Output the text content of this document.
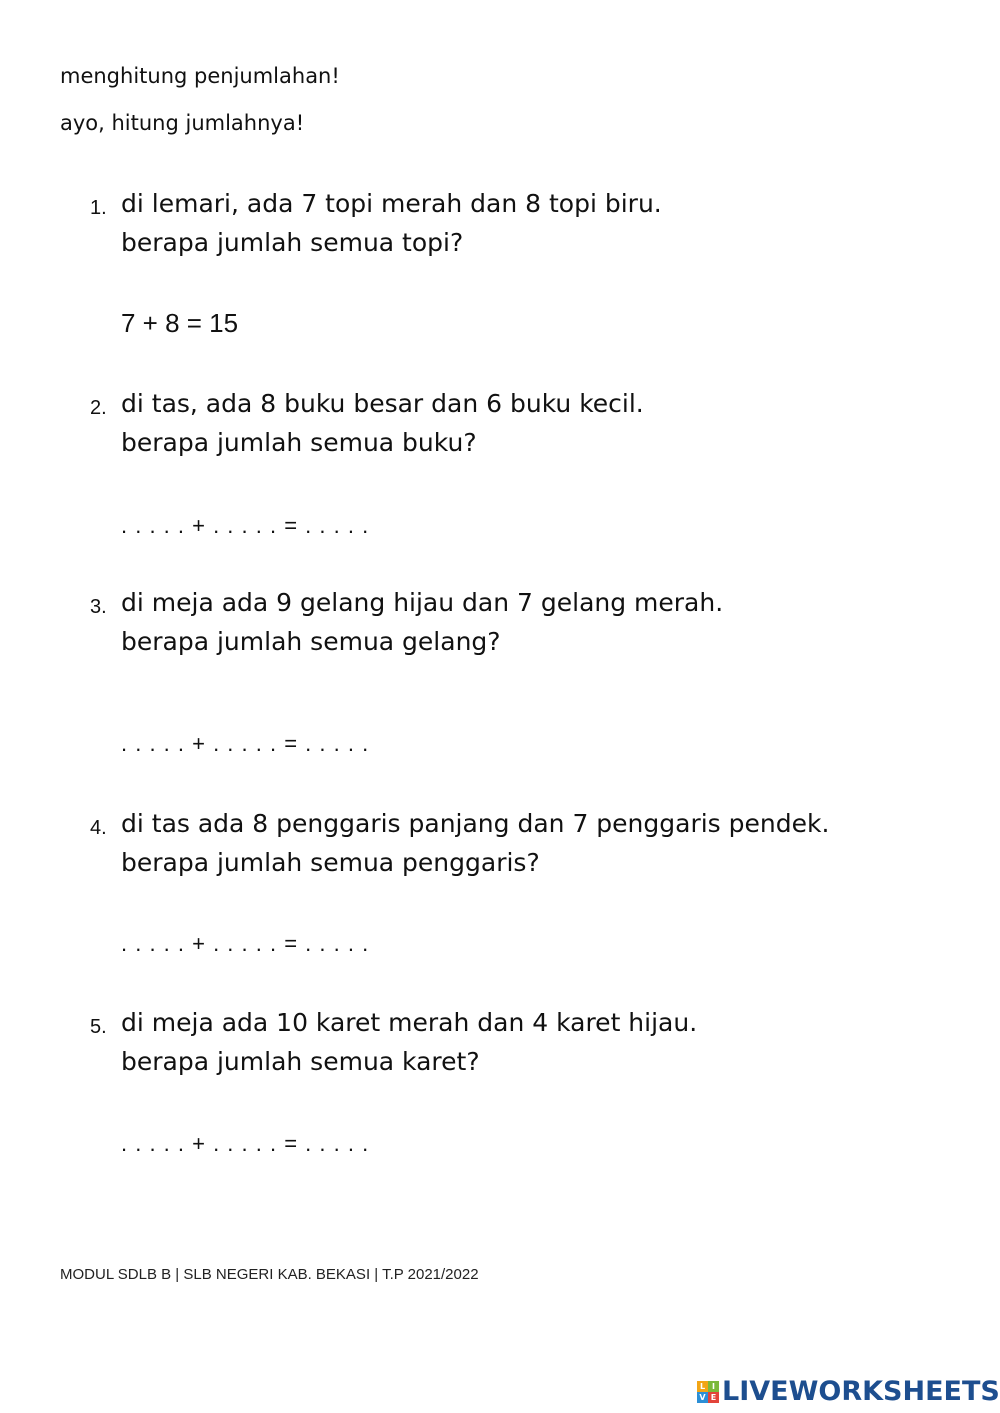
menghitung penjumlahan!
ayo, hitung jumlahnya!
1. di lemari, ada 7 topi merah dan 8 topi biru.
berapa jumlah semua topi?
7 + 8 = 15
2. di tas, ada 8 buku besar dan 6 buku kecil.
berapa jumlah semua buku?
. . . . . + . . . . . = . . . . .
3. di meja ada 9 gelang hijau dan 7 gelang merah.
berapa jumlah semua gelang?
. . . . . + . . . . . = . . . . .
4. di tas ada 8 penggaris panjang dan 7 penggaris pendek.
berapa jumlah semua penggaris?
. . . . . + . . . . . = . . . . .
5. di meja ada 10 karet merah dan 4 karet hijau.
berapa jumlah semua karet?
. . . . . + . . . . . = . . . . .
MODUL SDLB B | SLB NEGERI KAB. BEKASI | T.P 2021/2022
L I
V E LIVEWORKSHEETS
